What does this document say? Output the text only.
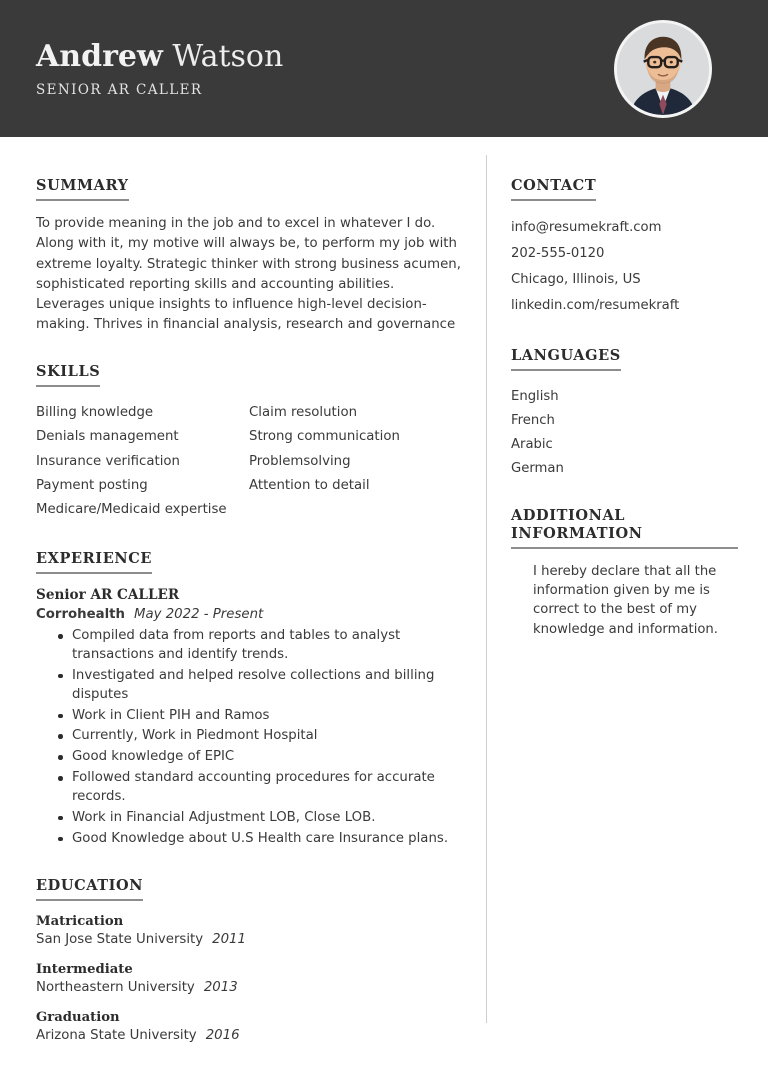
Andrew Watson
SENIOR AR CALLER
SUMMARY
To provide meaning in the job and to excel in whatever I do. Along with it, my motive will always be, to perform my job with extreme loyalty. Strategic thinker with strong business acumen, sophisticated reporting skills and accounting abilities. Leverages unique insights to influence high-level decision-making. Thrives in financial analysis, research and governance
SKILLS
Billing knowledge
Denials management
Insurance verification
Payment posting
Medicare/Medicaid expertise
Claim resolution
Strong communication
Problemsolving
Attention to detail
EXPERIENCE
Senior AR CALLER
Corrohealth May 2022 - Present
Compiled data from reports and tables to analyst transactions and identify trends.
Investigated and helped resolve collections and billing disputes
Work in Client PIH and Ramos
Currently, Work in Piedmont Hospital
Good knowledge of EPIC
Followed standard accounting procedures for accurate records.
Work in Financial Adjustment LOB, Close LOB.
Good Knowledge about U.S Health care Insurance plans.
EDUCATION
Matrication
San Jose State University 2011
Intermediate
Northeastern University 2013
Graduation
Arizona State University 2016
CONTACT
info@resumekraft.com
202-555-0120
Chicago, Illinois, US
linkedin.com/resumekraft
LANGUAGES
English
French
Arabic
German
ADDITIONAL
INFORMATION
I hereby declare that all the information given by me is correct to the best of my knowledge and information.
